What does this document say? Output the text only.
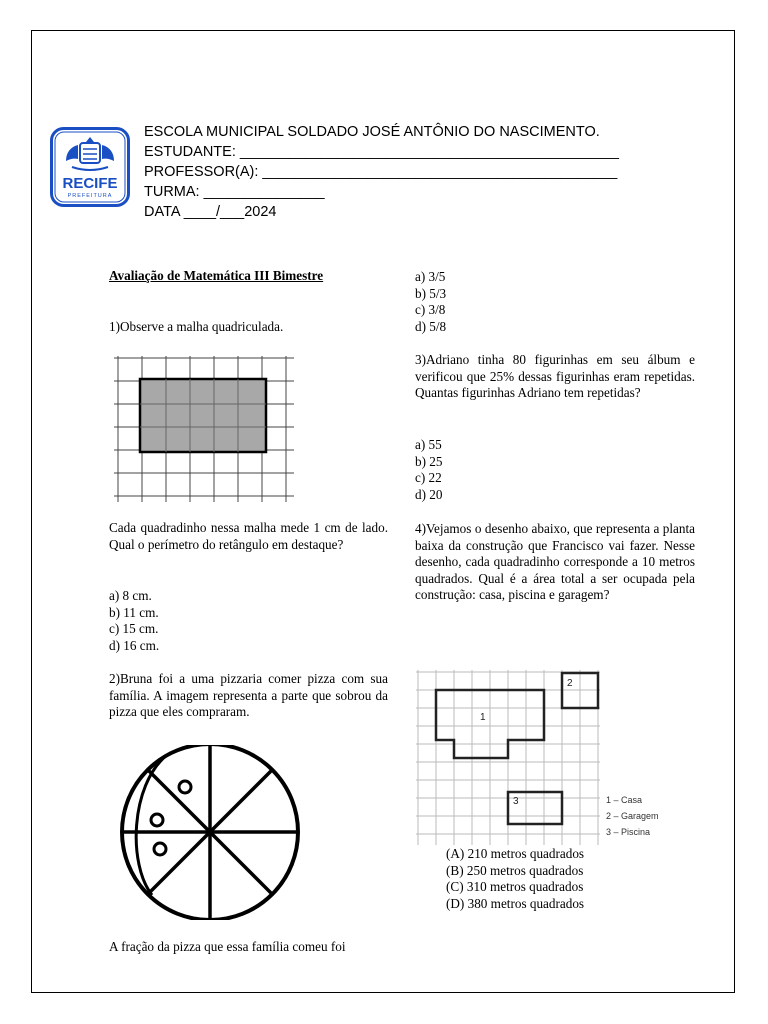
RECIFE
PREFEITURA
ESCOLA MUNICIPAL SOLDADO JOSÉ ANTÔNIO DO NASCIMENTO.
ESTUDANTE: _______________________________________________
PROFESSOR(A): ____________________________________________
TURMA: _______________
DATA ____/___2024
Avaliação de Matemática III Bimestre
1)Observe a malha quadriculada.
Cada quadradinho nessa malha mede 1 cm de lado. Qual o perímetro do retângulo em destaque?
a) 8 cm.
b) 11 cm.
c) 15 cm.
d) 16 cm.
2)Bruna foi a uma pizzaria comer pizza com sua família. A imagem representa a parte que sobrou da pizza que eles compraram.
A fração da pizza que essa família comeu foi
a) 3/5
b) 5/3
c) 3/8
d) 5/8
3)Adriano tinha 80 figurinhas em seu álbum e verificou que 25% dessas figurinhas eram repetidas. Quantas figurinhas Adriano tem repetidas?
a) 55
b) 25
c) 22
d) 20
4)Vejamos o desenho abaixo, que representa a planta baixa da construção que Francisco vai fazer. Nesse desenho, cada quadradinho corresponde a 10 metros quadrados. Qual é a área total a ser ocupada pela construção: casa, piscina e garagem?
1
2
3	1 – Casa
2 – Garagem
3 – Piscina
(A) 210 metros quadrados
(B) 250 metros quadrados
(C) 310 metros quadrados
(D) 380 metros quadrados
